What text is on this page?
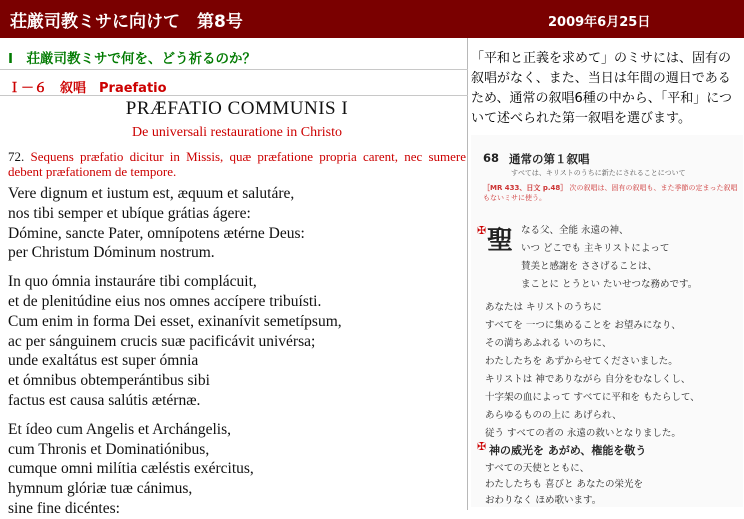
荘厳司教ミサに向けて　第8号	2009年6月25日
Ⅰ　荘厳司教ミサで何を、どう祈るのか？
Ｉ－６　叙唱　Praefatio
「平和と正義を求めて」のミサには、固有の叙唱がなく、また、当日は年間の週日であるため、通常の叙唱6種の中から、「平和」について述べられた第一叙唱を選びます。
PRÆFATIO COMMUNIS I
De universali restauratione in Christo
72. Sequens præfatio dicitur in Missis, quæ præfatione propria carent, nec sumere debent præfationem de tempore.
Vere dignum et iustum est, æquum et salutáre,
nos tibi semper et ubíque grátias ágere:
Dómine, sancte Pater, omnípotens ætérne Deus:
per Christum Dóminum nostrum.
In quo ómnia instauráre tibi complácuit,
et de plenitúdine eius nos omnes accípere tribuísti.
Cum enim in forma Dei esset, exinanívit semetípsum,
ac per sánguinem crucis suæ pacificávit univérsa;
unde exaltátus est super ómnia
et ómnibus obtemperántibus sibi
factus est causa salútis ætérnæ.
Et ídeo cum Angelis et Archángelis,
cum Thronis et Dominatiónibus,
cumque omni milítia cæléstis exércitus,
hymnum glóriæ tuæ cánimus,
sine fine dicéntes:
68 通常の第１叙唱
すべては、キリストのうちに新たにされることについて
［MR 433、日文 p.48］ 次の叙唱は、固有の叙唱も、また季節の定まった叙唱もないミサに使う。
✠ 聖 なる父、全能 永遠の神、
いつ どこでも 主キリストによって
賛美と感謝を ささげることは、
まことに とうとい たいせつな務めです。
あなたは キリストのうちに
すべてを 一つに集めることを お望みになり、
その満ちあふれる いのちに、
わたしたちを あずからせてくださいました。
キリストは 神でありながら 自分をむなしくし、
十字架の血によって すべてに平和を もたらして、
あらゆるものの上に あげられ、
従う すべての者の 永遠の救いとなりました。
すべての天使とともに、
わたしたちも 喜びと あなたの栄光を
おわりなく ほめ歌います。
✠ 神の威光を あがめ、権能を敬う
